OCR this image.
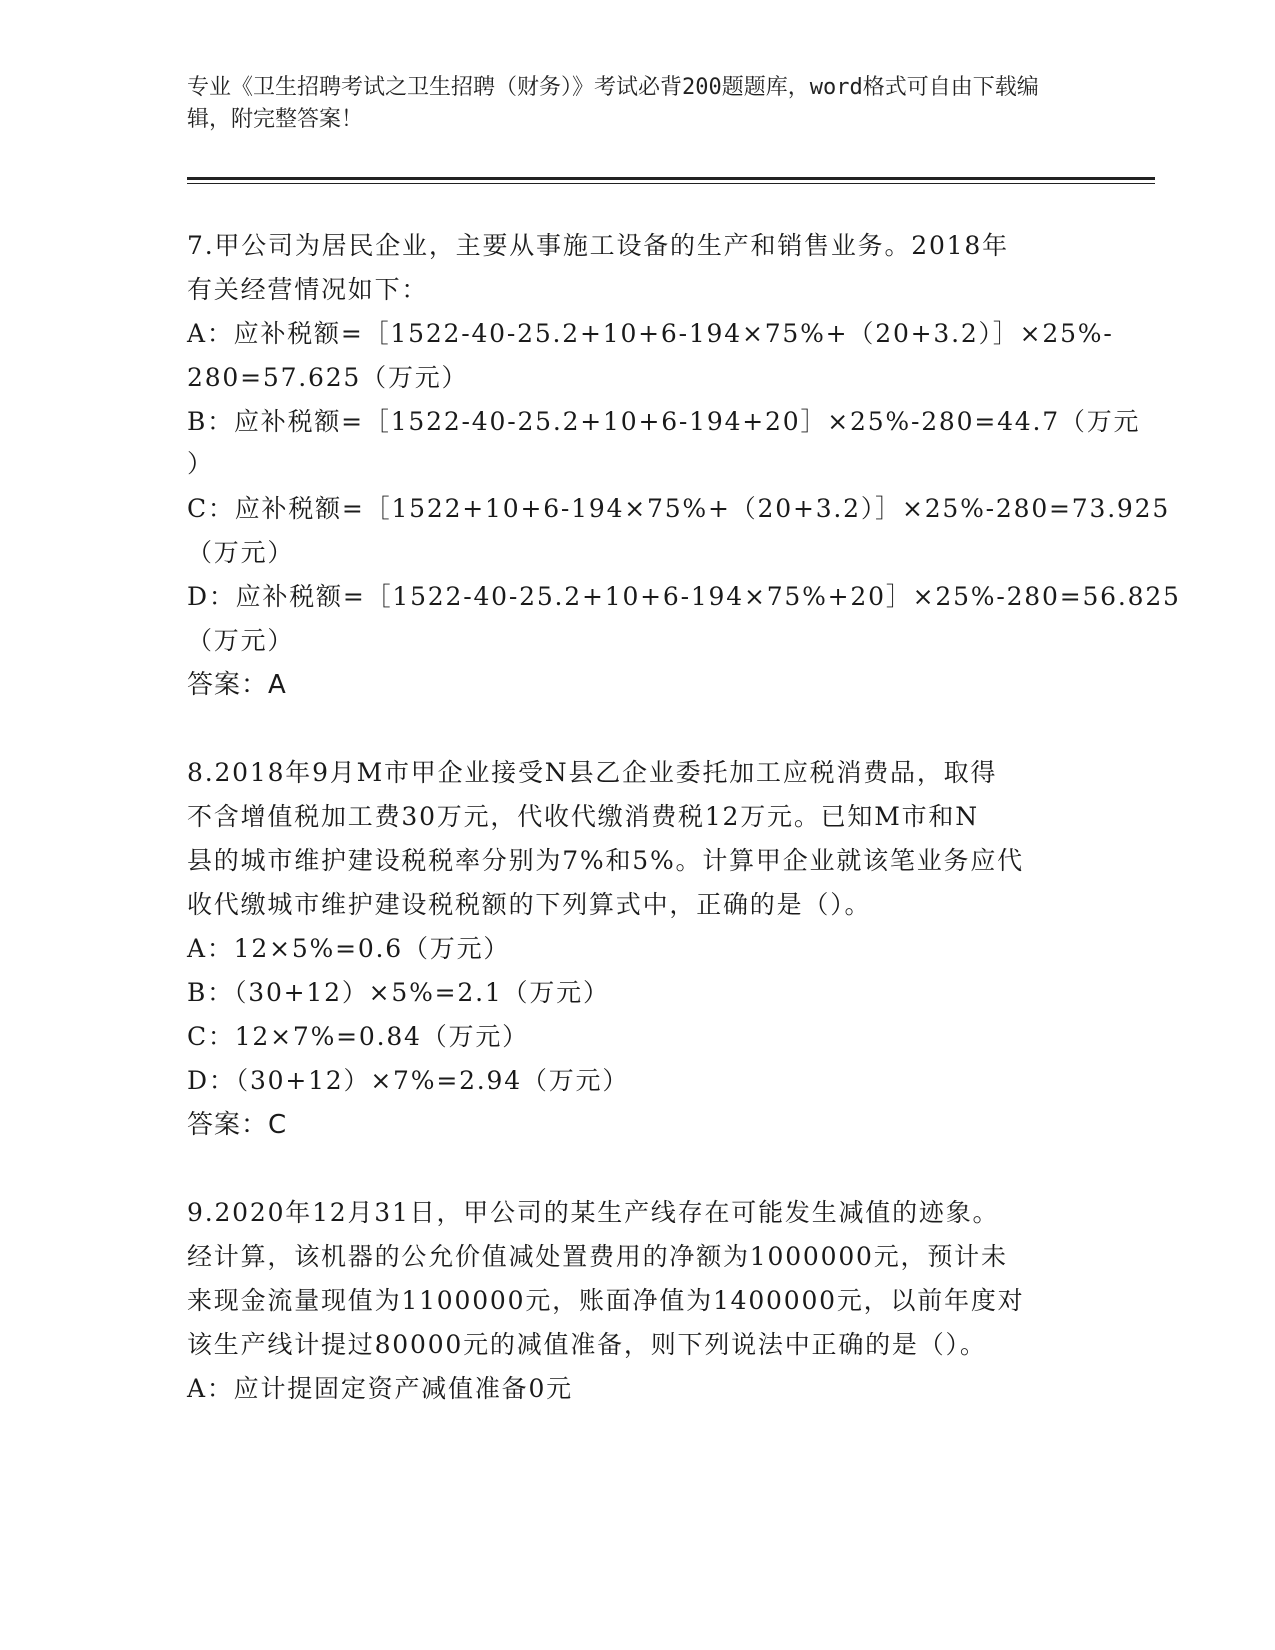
专业《卫生招聘考试之卫生招聘（财务）》考试必背200题题库，word格式可自由下载编辑，附完整答案！
7.甲公司为居民企业，主要从事施工设备的生产和销售业务。2018年
有关经营情况如下：
A：应补税额=［1522-40-25.2+10+6-194×75%+（20+3.2）］×25%-
280=57.625（万元）
B：应补税额=［1522-40-25.2+10+6-194+20］×25%-280=44.7（万元
）
C：应补税额=［1522+10+6-194×75%+（20+3.2）］×25%-280=73.925
（万元）
D：应补税额=［1522-40-25.2+10+6-194×75%+20］×25%-280=56.825
（万元）
答案：A
8.2018年9月M市甲企业接受N县乙企业委托加工应税消费品，取得
不含增值税加工费30万元，代收代缴消费税12万元。已知M市和N
县的城市维护建设税税率分别为7%和5%。计算甲企业就该笔业务应代
收代缴城市维护建设税税额的下列算式中，正确的是（）。
A：12×5%=0.6（万元）
B：（30+12）×5%=2.1（万元）
C：12×7%=0.84（万元）
D：（30+12）×7%=2.94（万元）
答案：C
9.2020年12月31日，甲公司的某生产线存在可能发生减值的迹象。
经计算，该机器的公允价值减处置费用的净额为1000000元，预计未
来现金流量现值为1100000元，账面净值为1400000元，以前年度对
该生产线计提过80000元的减值准备，则下列说法中正确的是（）。
A：应计提固定资产减值准备0元
